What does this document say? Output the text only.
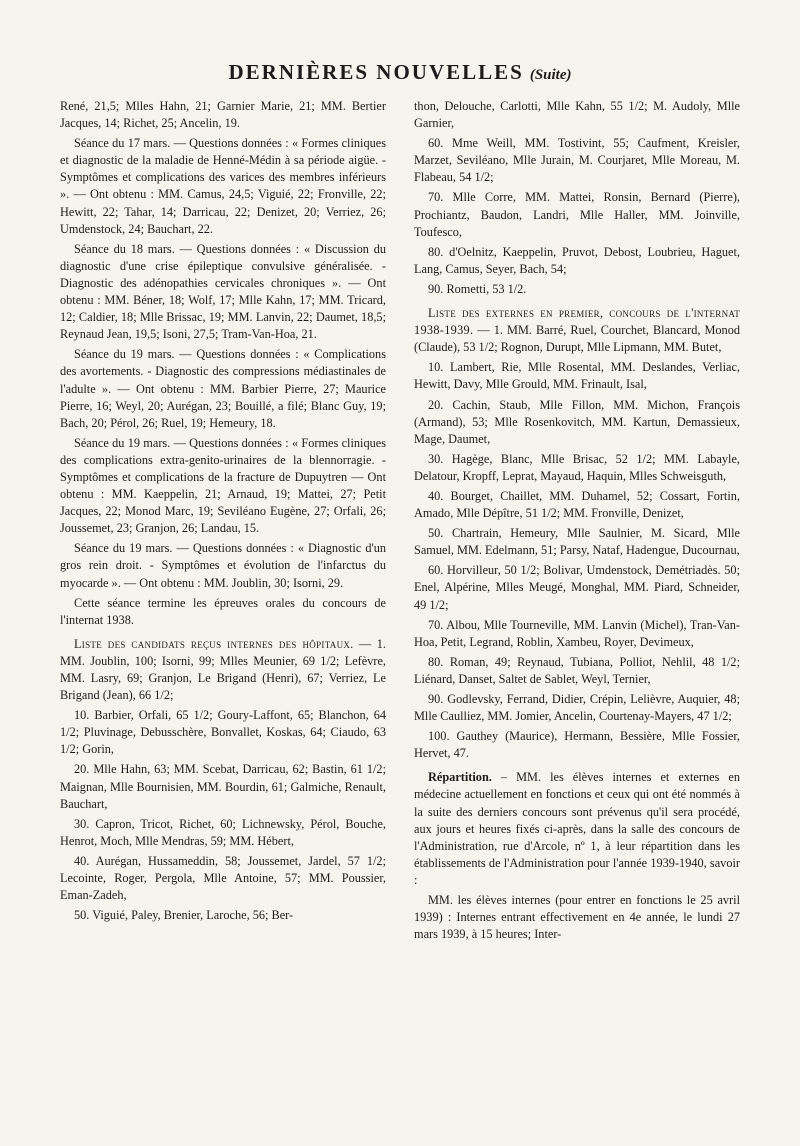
DERNIÈRES NOUVELLES (Suite)

René, 21,5; Mlles Hahn, 21; Garnier Marie, 21; MM. Bertier Jacques, 14; Richet, 25; Ancelin, 19.

Séance du 17 mars. — Questions données : « Formes cliniques et diagnostic de la maladie de Henné-Médin à sa période aigüe. - Symptômes et complications des varices des membres inférieurs ». — Ont obtenu : MM. Camus, 24,5; Viguié, 22; Fronville, 22; Hewitt, 22; Tahar, 14; Darricau, 22; Denizet, 20; Verriez, 26; Umdenstock, 24; Bauchart, 22.

Séance du 18 mars. — Questions données : « Discussion du diagnostic d'une crise épileptique convulsive généralisée. - Diagnostic des adénopathies cervicales chroniques ». — Ont obtenu : MM. Béner, 18; Wolf, 17; Mlle Kahn, 17; MM. Tricard, 12; Caldier, 18; Mlle Brissac, 19; MM. Lanvin, 22; Daumet, 18,5; Reynaud Jean, 19,5; Isoni, 27,5; Tram-Van-Hoa, 21.

Séance du 19 mars. — Questions données : « Complications des avortements. - Diagnostic des compressions médiastinales de l'adulte ». — Ont obtenu : MM. Barbier Pierre, 27; Maurice Pierre, 16; Weyl, 20; Aurégan, 23; Bouillé, a filé; Blanc Guy, 19; Bach, 20; Pérol, 26; Ruel, 19; Hemeury, 18.

Séance du 19 mars. — Questions données : « Formes cliniques des complications extra-genito-urinaires de la blennorragie. - Symptômes et complications de la fracture de Dupuytren — Ont obtenu : MM. Kaeppelin, 21; Arnaud, 19; Mattei, 27; Petit Jacques, 22; Monod Marc, 19; Seviléano Eugène, 27; Orfali, 26; Joussemet, 23; Granjon, 26; Landau, 15.

Séance du 19 mars. — Questions données : « Diagnostic d'un gros rein droit. - Symptômes et évolution de l'infarctus du myocarde ». — Ont obtenu : MM. Joublin, 30; Isorni, 29.

Cette séance termine les épreuves orales du concours de l'internat 1938.

Liste des candidats reçus internes des hôpitaux. — 1. MM. Joublin, 100; Isorni, 99; Mlles Meunier, 69 1/2; Lefèvre, MM. Lasry, 69; Granjon, Le Brigand (Henri), 67; Verriez, Le Brigand (Jean), 66 1/2;

10. Barbier, Orfali, 65 1/2; Goury-Laffont, 65; Blanchon, 64 1/2; Pluvinage, Debusschère, Bonvallet, Koskas, 64; Ciaudo, 63 1/2; Gorin,

20. Mlle Hahn, 63; MM. Scebat, Darricau, 62; Bastin, 61 1/2; Maignan, Mlle Bournisien, MM. Bourdin, 61; Galmiche, Renault, Bauchart,

30. Capron, Tricot, Richet, 60; Lichnewsky, Pérol, Bouche, Henrot, Moch, Mlle Mendras, 59; MM. Hébert,

40. Aurégan, Hussameddin, 58; Joussemet, Jardel, 57 1/2; Lecointe, Roger, Pergola, Mlle Antoine, 57; MM. Poussier, Eman-Zadeh,

50. Viguié, Paley, Brenier, Laroche, 56; Ber-

thon, Delouche, Carlotti, Mlle Kahn, 55 1/2; M. Audoly, Mlle Garnier,

60. Mme Weill, MM. Tostivint, 55; Caufment, Kreisler, Marzet, Seviléano, Mlle Jurain, M. Courjaret, Mlle Moreau, M. Flabeau, 54 1/2;

70. Mlle Corre, MM. Mattei, Ronsin, Bernard (Pierre), Prochiantz, Baudon, Landri, Mlle Haller, MM. Joinville, Toufesco,

80. d'Oelnitz, Kaeppelin, Pruvot, Debost, Loubrieu, Haguet, Lang, Camus, Seyer, Bach, 54;

90. Rometti, 53 1/2.

Liste des externes en premier, concours de l'internat 1938-1939. — 1. MM. Barré, Ruel, Courchet, Blancard, Monod (Claude), 53 1/2; Rognon, Durupt, Mlle Lipmann, MM. Butet,

10. Lambert, Rie, Mlle Rosental, MM. Deslandes, Verliac, Hewitt, Davy, Mlle Grould, MM. Frinault, Isal,

20. Cachin, Staub, Mlle Fillon, MM. Michon, François (Armand), 53; Mlle Rosenkovitch, MM. Kartun, Demassieux, Mage, Daumet,

30. Hagège, Blanc, Mlle Brisac, 52 1/2; MM. Labayle, Delatour, Kropff, Leprat, Mayaud, Haquin, Mlles Schweisguth,

40. Bourget, Chaillet, MM. Duhamel, 52; Cossart, Fortin, Amado, Mlle Dépître, 51 1/2; MM. Fronville, Denizet,

50. Chartrain, Hemeury, Mlle Saulnier, M. Sicard, Mlle Samuel, MM. Edelmann, 51; Parsy, Nataf, Hadengue, Ducournau,

60. Horvilleur, 50 1/2; Bolivar, Umdenstock, Demétriadès. 50; Enel, Alpérine, Mlles Meugé, Monghal, MM. Piard, Schneider, 49 1/2;

70. Albou, Mlle Tourneville, MM. Lanvin (Michel), Tran-Van-Hoa, Petit, Legrand, Roblin, Xambeu, Royer, Devimeux,

80. Roman, 49; Reynaud, Tubiana, Polliot, Nehlil, 48 1/2; Liénard, Danset, Saltet de Sablet, Weyl, Ternier,

90. Godlevsky, Ferrand, Didier, Crépin, Lelièvre, Auquier, 48; Mlle Caulliez, MM. Jomier, Ancelin, Courtenay-Mayers, 47 1/2;

100. Gauthey (Maurice), Hermann, Bessière, Mlle Fossier, Hervet, 47.

Répartition. – MM. les élèves internes et externes en médecine actuellement en fonctions et ceux qui ont été nommés à la suite des derniers concours sont prévenus qu'il sera procédé, aux jours et heures fixés ci-après, dans la salle des concours de l'Administration, rue d'Arcole, nº 1, à leur répartition dans les établissements de l'Administration pour l'année 1939-1940, savoir :

MM. les élèves internes (pour entrer en fonctions le 25 avril 1939) : Internes entrant effectivement en 4e année, le lundi 27 mars 1939, à 15 heures; Inter-
